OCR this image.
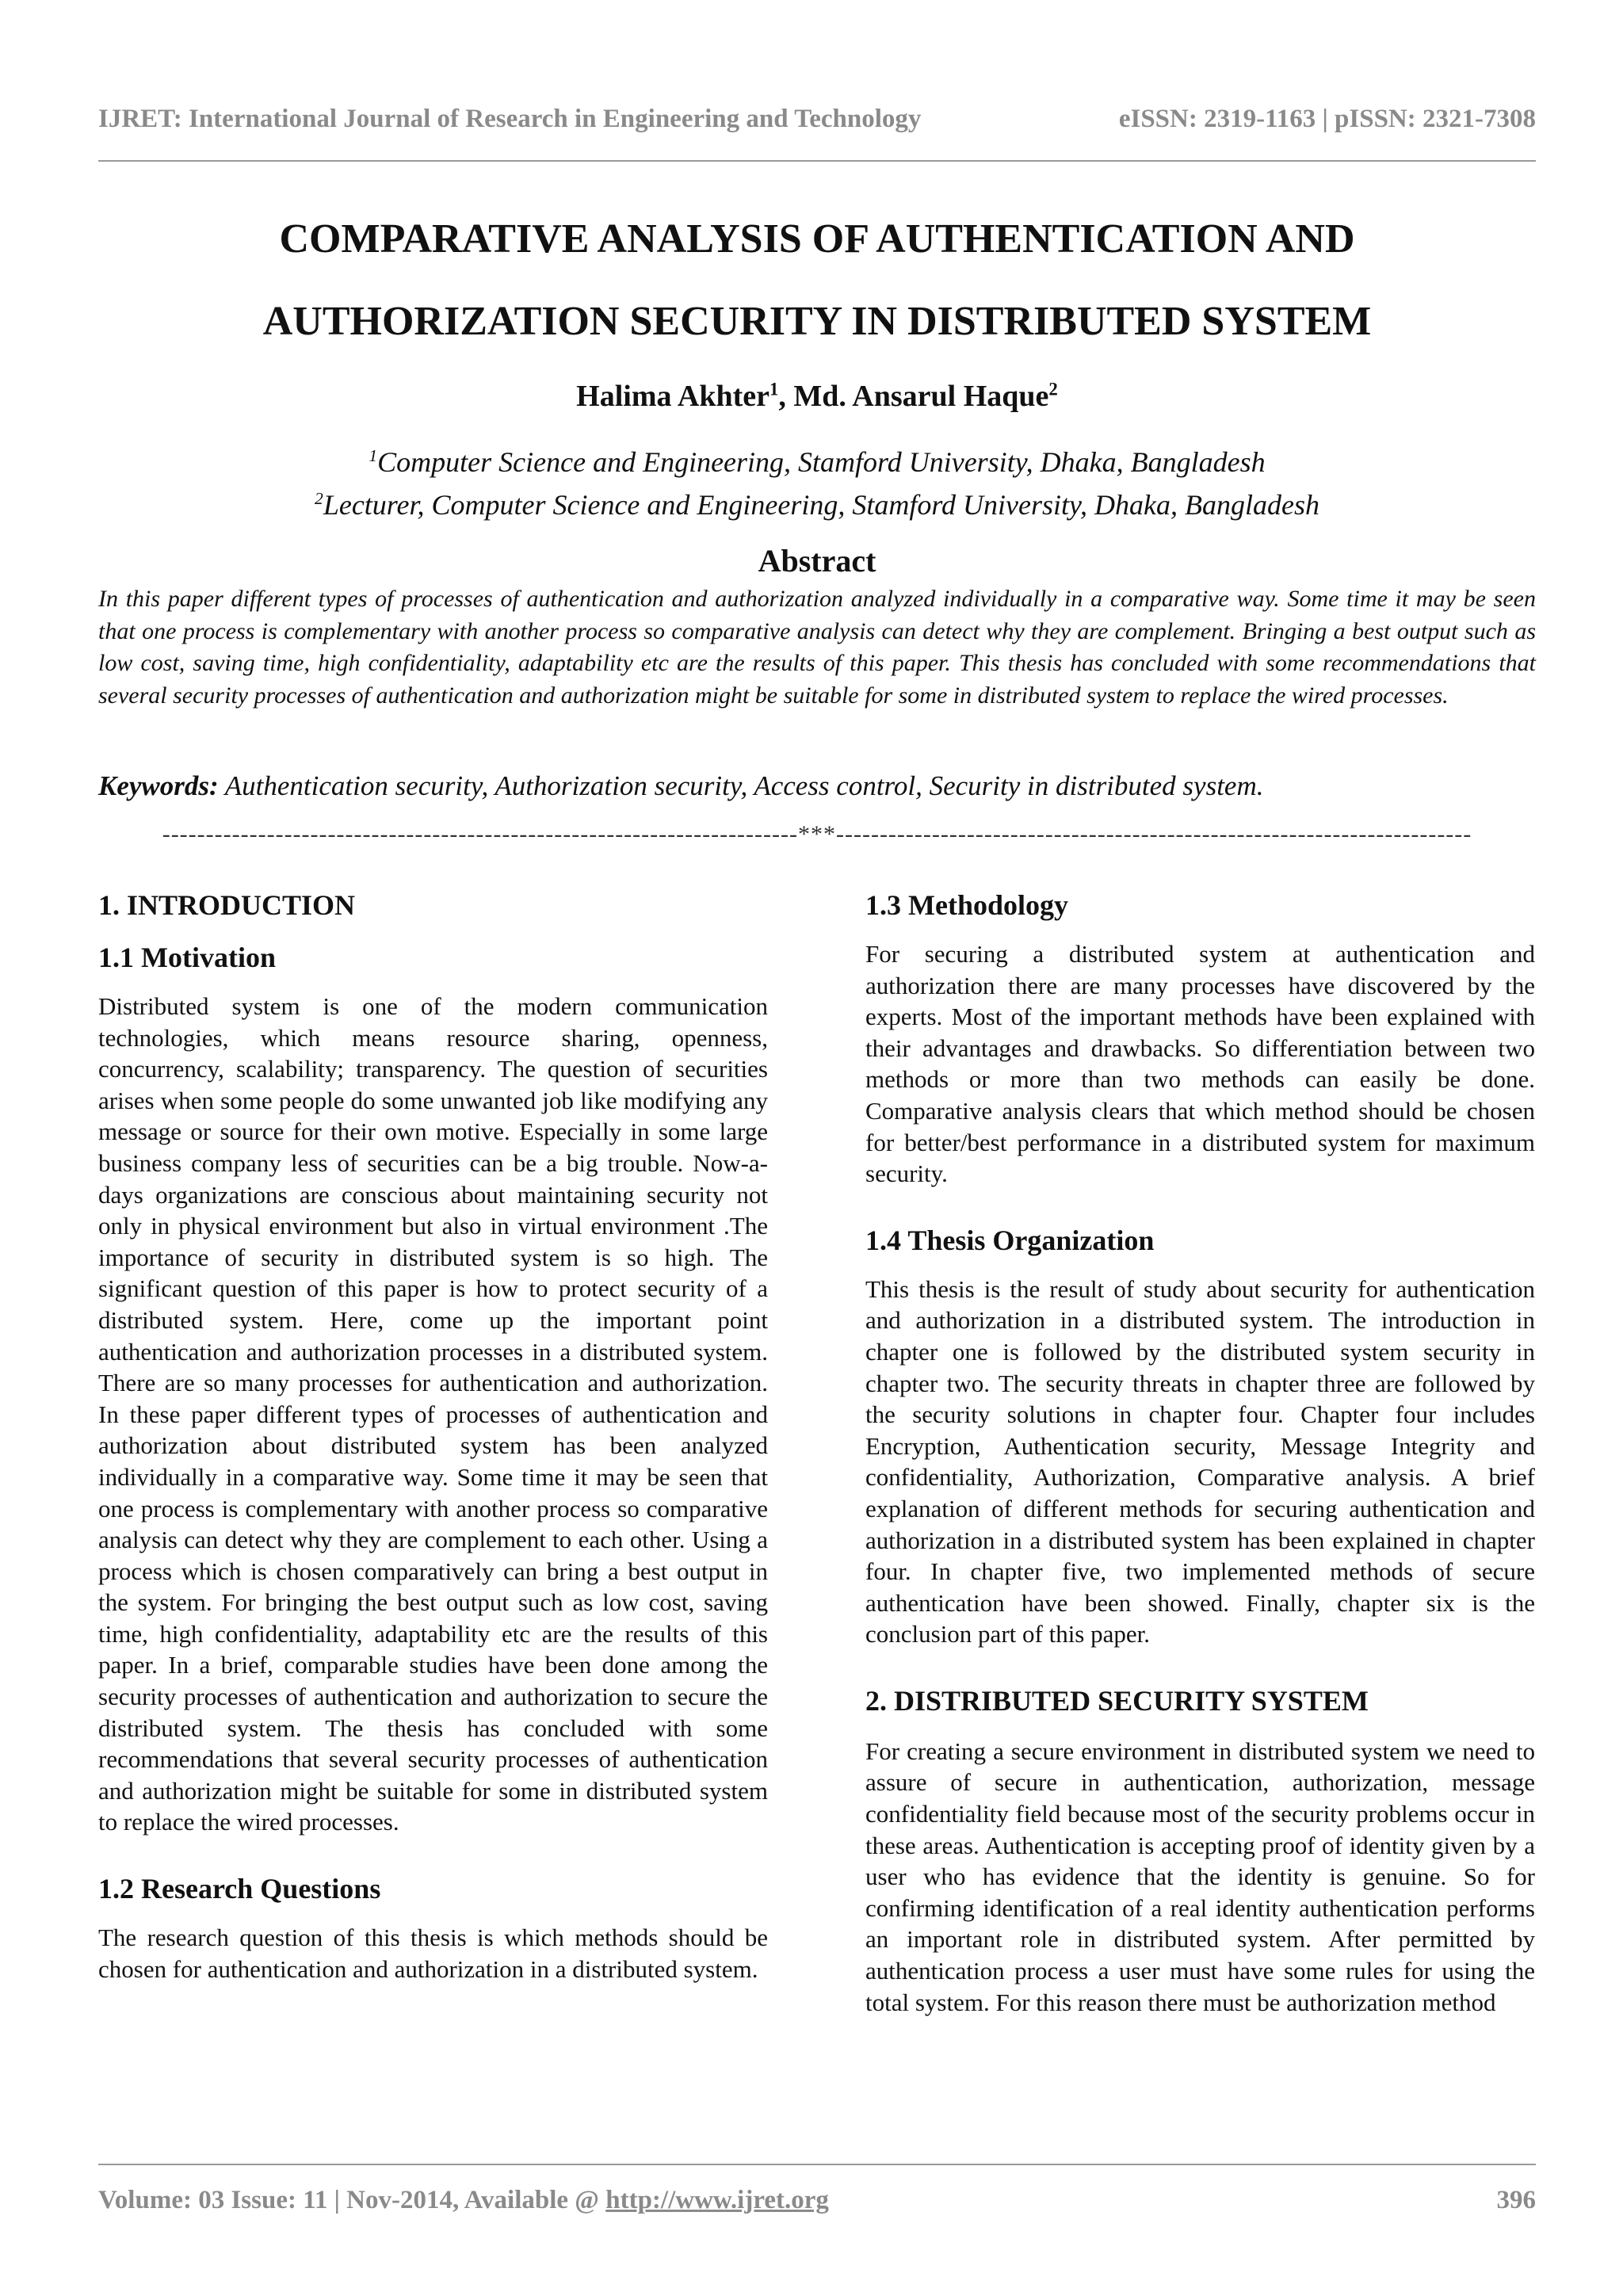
IJRET: International Journal of Research in Engineering and Technology	eISSN: 2319-1163 | pISSN: 2321-7308
COMPARATIVE ANALYSIS OF AUTHENTICATION AND
AUTHORIZATION SECURITY IN DISTRIBUTED SYSTEM
Halima Akhter$^1$, Md. Ansarul Haque$^2$
$^1$Computer Science and Engineering, Stamford University, Dhaka, Bangladesh
$^2$Lecturer, Computer Science and Engineering, Stamford University, Dhaka, Bangladesh
Abstract
In this paper different types of processes of authentication and authorization analyzed individually in a comparative way. Some time it may be seen that one process is complementary with another process so comparative analysis can detect why they are complement. Bringing a best output such as low cost, saving time, high confidentiality, adaptability etc are the results of this paper. This thesis has concluded with some recommendations that several security processes of authentication and authorization might be suitable for some in distributed system to replace the wired processes.
Keywords: Authentication security, Authorization security, Access control, Security in distributed system.
-------------------------------------------------------------------------***-------------------------------------------------------------------------
1. INTRODUCTION
1.1 Motivation

Distributed system is one of the modern communication technologies, which means resource sharing, openness, concurrency, scalability; transparency. The question of securities arises when some people do some unwanted job like modifying any message or source for their own motive. Especially in some large business company less of securities can be a big trouble. Now-a-days organizations are conscious about maintaining security not only in physical environment but also in virtual environment .The importance of security in distributed system is so high. The significant question of this paper is how to protect security of a distributed system. Here, come up the important point authentication and authorization processes in a distributed system. There are so many processes for authentication and authorization. In these paper different types of processes of authentication and authorization about distributed system has been analyzed individually in a comparative way. Some time it may be seen that one process is complementary with another process so comparative analysis can detect why they are complement to each other. Using a process which is chosen comparatively can bring a best output in the system. For bringing the best output such as low cost, saving time, high confidentiality, adaptability etc are the results of this paper. In a brief, comparable studies have been done among the security processes of authentication and authorization to secure the distributed system. The thesis has concluded with some recommendations that several security processes of authentication and authorization might be suitable for some in distributed system to replace the wired processes.

1.2 Research Questions

The research question of this thesis is which methods should be chosen for authentication and authorization in a distributed system.

1.3 Methodology

For securing a distributed system at authentication and authorization there are many processes have discovered by the experts. Most of the important methods have been explained with their advantages and drawbacks. So differentiation between two methods or more than two methods can easily be done. Comparative analysis clears that which method should be chosen for better/best performance in a distributed system for maximum security.

1.4 Thesis Organization

This thesis is the result of study about security for authentication and authorization in a distributed system. The introduction in chapter one is followed by the distributed system security in chapter two. The security threats in chapter three are followed by the security solutions in chapter four. Chapter four includes Encryption, Authentication security, Message Integrity and confidentiality, Authorization, Comparative analysis. A brief explanation of different methods for securing authentication and authorization in a distributed system has been explained in chapter four. In chapter five, two implemented methods of secure authentication have been showed. Finally, chapter six is the conclusion part of this paper.

2. DISTRIBUTED SECURITY SYSTEM

For creating a secure environment in distributed system we need to assure of secure in authentication, authorization, message confidentiality field because most of the security problems occur in these areas. Authentication is accepting proof of identity given by a user who has evidence that the identity is genuine. So for confirming identification of a real identity authentication performs an important role in distributed system. After permitted by authentication process a user must have some rules for using the total system. For this reason there must be authorization method

Volume: 03 Issue: 11 | Nov-2014, Available @ http://www.ijret.org	396
